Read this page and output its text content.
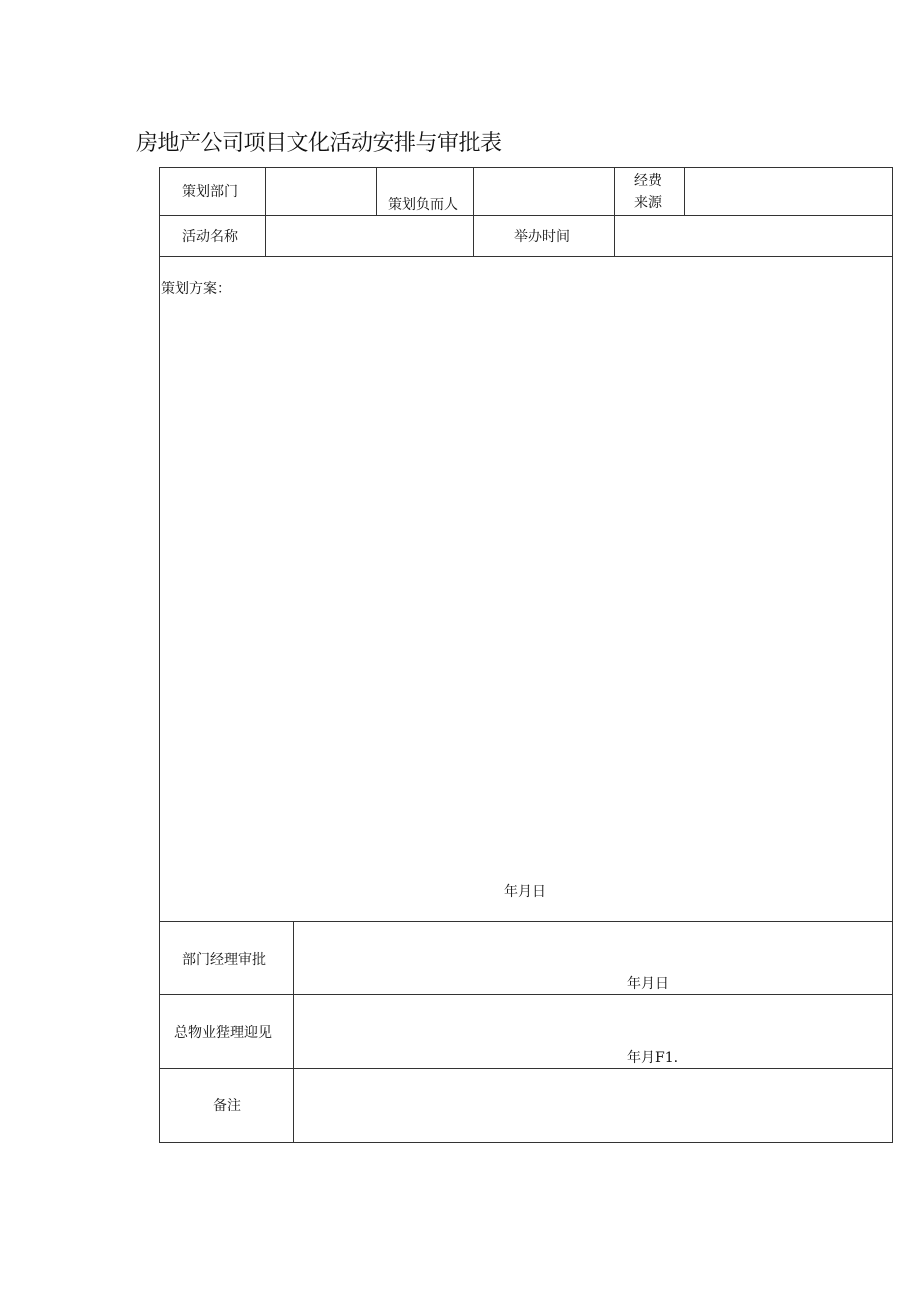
房地产公司项目文化活动安排与审批表
策划部门
策划负而人
经费
来源
活动名称	举办时间
策划方案：
年月日
部门经理审批
年月日
总物业狴理迎见
年月F1.
备注
